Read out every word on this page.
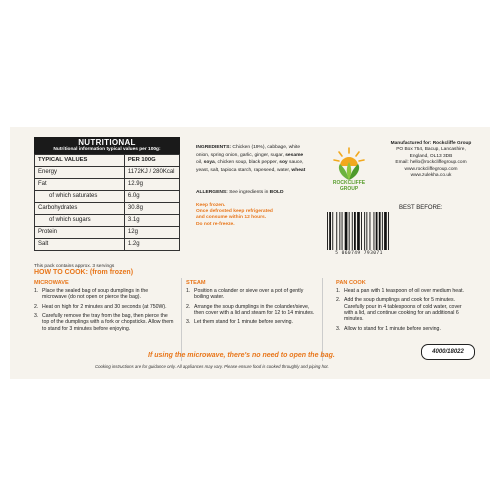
NUTRITIONAL
Nutritional information typical values per 100g:
TYPICAL VALUES	PER 100G
Energy	1172KJ / 280Kcal
Fat	12.9g
of which saturates	6.0g
Carbohydrates	30.8g
of which sugars	3.1g
Protein	12g
Salt	1.2g
This pack contains approx. 3 servings
INGREDIENTS: Chicken (19%), cabbage, white onion, spring onion, garlic, ginger, sugar, sesame oil, soya, chicken soup, black pepper, soy sauce, yeast, salt, tapioca starch, rapeseed, water, wheat
ALLERGENS: See ingredients in BOLD
Keep frozen.
Once defrosted keep refrigerated
and consume within 12 hours.
Do not re-freeze.
ROCKCLIFFE
GROUP
Manufactured for: Rockcliffe Group
PO Box 754, Bacup, Lancashire,
England, OL13 3DB
Email: hello@rockcliffegroup.com
www.rockcliffegroup.com
www.zulekha.co.uk
BEST BEFORE:
5 060749 793071
HOW TO COOK: (from frozen)
MICROWAVE
1. Place the sealed bag of soup dumplings in the microwave (do not open or pierce the bag).
2. Heat on high for 2 minutes and 30 seconds (at 750W).
3. Carefully remove the tray from the bag, then pierce the top of the dumplings with a fork or chopsticks. Allow them to stand for 3 minutes before enjoying.
STEAM
1. Position a colander or sieve over a pot of gently boiling water.
2. Arrange the soup dumplings in the colander/sieve, then cover with a lid and steam for 12 to 14 minutes.
3. Let them stand for 1 minute before serving.
PAN COOK
1. Heat a pan with 1 teaspoon of oil over medium heat.
2. Add the soup dumplings and cook for 5 minutes. Carefully pour in 4 tablespoons of cold water, cover with a lid, and continue cooking for an additional 6 minutes.
3. Allow to stand for 1 minute before serving.
If using the microwave, there's no need to open the bag.
Cooking instructions are for guidance only. All appliances may vary. Please ensure food is cooked throughly and piping hot.
4000/18022
